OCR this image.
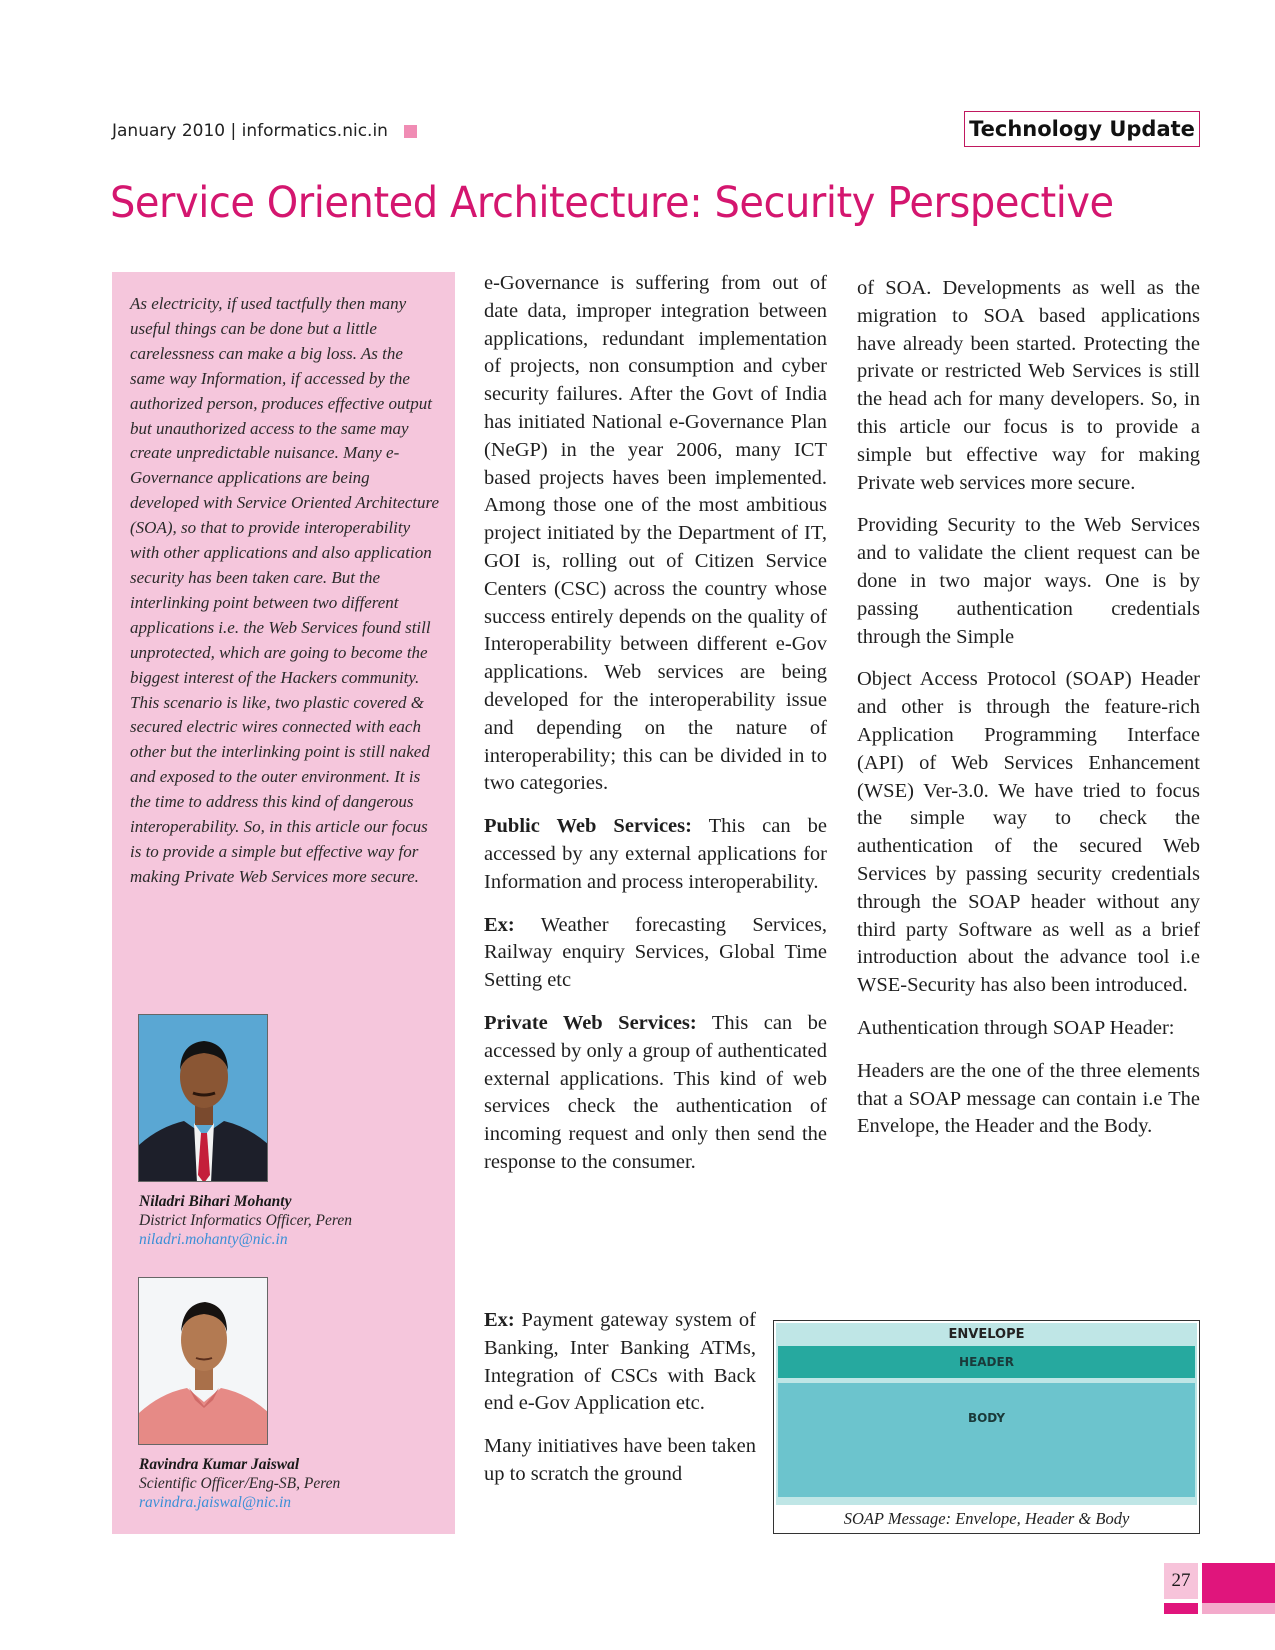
January 2010 | informatics.nic.in	Technology Update
Service Oriented Architecture: Security Perspective
As electricity, if used tactfully then many useful things can be done but a little carelessness can make a big loss. As the same way Information, if accessed by the authorized person, produces effective output but unauthorized access to the same may create unpredictable nuisance. Many e-Governance applications are being developed with Service Oriented Architecture (SOA), so that to provide interoperability with other applications and also application security has been taken care. But the interlinking point between two different applications i.e. the Web Services found still unprotected, which are going to become the biggest interest of the Hackers community. This scenario is like, two plastic covered & secured electric wires connected with each other but the interlinking point is still naked and exposed to the outer environment. It is the time to address this kind of dangerous interoperability. So, in this article our focus is to provide a simple but effective way for making Private Web Services more secure.
Niladri Bihari Mohanty
District Informatics Officer, Peren
niladri.mohanty@nic.in
Ravindra Kumar Jaiswal
Scientific Officer/Eng-SB, Peren
ravindra.jaiswal@nic.in

e-Governance is suffering from out of date data, improper integration between applications, redundant implementation of projects, non consumption and cyber security failures. After the Govt of India has initiated National e-Governance Plan (NeGP) in the year 2006, many ICT based projects haves been implemented. Among those one of the most ambitious project initiated by the Department of IT, GOI is, rolling out of Citizen Service Centers (CSC) across the country whose success entirely depends on the quality of Interoperability between different e-Gov applications. Web services are being developed for the interoperability issue and depending on the nature of interoperability; this can be divided in to two categories.

Public Web Services: This can be accessed by any external applications for Information and process interoperability.

Ex: Weather forecasting Services, Railway enquiry Services, Global Time Setting etc

Private Web Services: This can be accessed by only a group of authenticated external applications. This kind of web services check the authentication of incoming request and only then send the response to the consumer.

Ex: Payment gateway system of Banking, Inter Banking ATMs, Integration of CSCs with Back end e-Gov Application etc.

Many initiatives have been taken up to scratch the ground

of SOA. Developments as well as the migration to SOA based applications have already been started. Protecting the private or restricted Web Services is still the head ach for many developers. So, in this article our focus is to provide a simple but effective way for making Private web services more secure.

Providing Security to the Web Services and to validate the client request can be done in two major ways. One is by passing authentication credentials through the Simple

Object Access Protocol (SOAP) Header and other is through the feature-rich Application Programming Interface (API) of Web Services Enhancement (WSE) Ver-3.0. We have tried to focus the simple way to check the authentication of the secured Web Services by passing security credentials through the SOAP header without any third party Software as well as a brief introduction about the advance tool i.e WSE-Security has also been introduced.

Authentication through SOAP Header:

Headers are the one of the three elements that a SOAP message can contain i.e The Envelope, the Header and the Body.

ENVELOPE
HEADER
BODY
SOAP Message: Envelope, Header & Body
27
